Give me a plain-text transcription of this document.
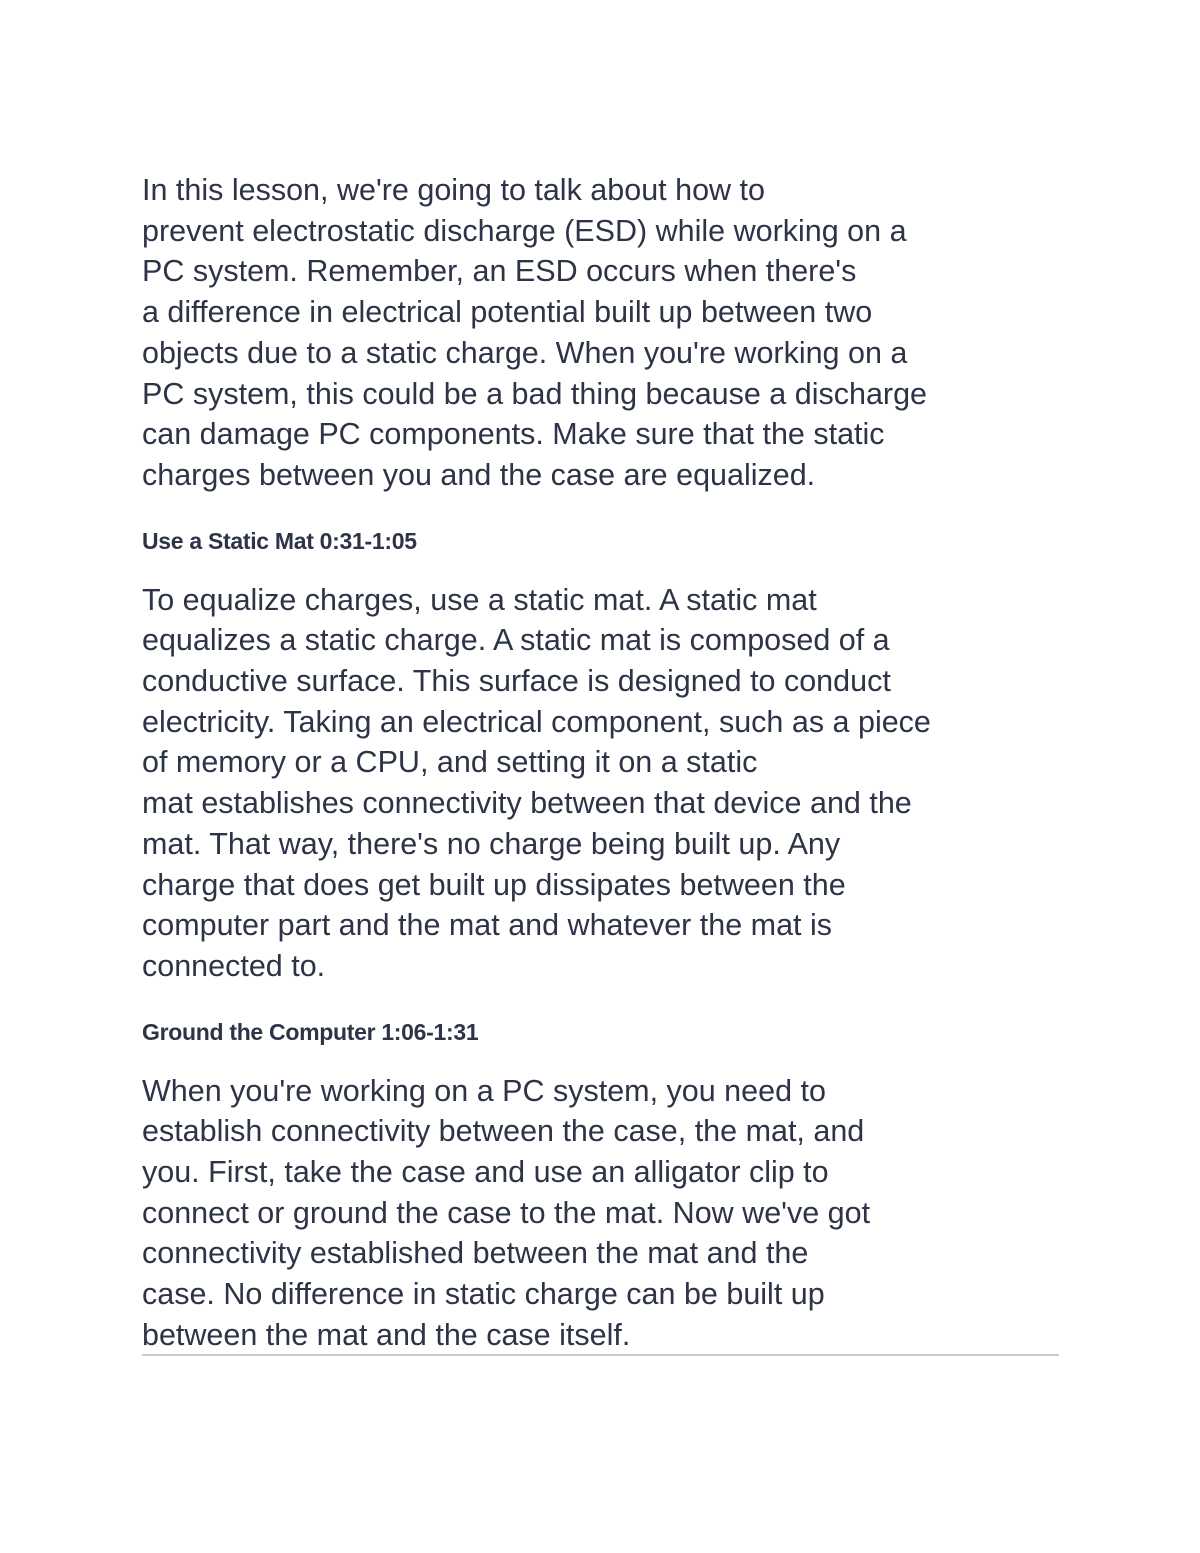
In this lesson, we're going to talk about how to
prevent electrostatic discharge (ESD) while working on a
PC system. Remember, an ESD occurs when there's
a difference in electrical potential built up between two
objects due to a static charge. When you're working on a
PC system, this could be a bad thing because a discharge
can damage PC components. Make sure that the static
charges between you and the case are equalized.

Use a Static Mat 0:31-1:05

To equalize charges, use a static mat. A static mat
equalizes a static charge. A static mat is composed of a
conductive surface. This surface is designed to conduct
electricity. Taking an electrical component, such as a piece
of memory or a CPU, and setting it on a static
mat establishes connectivity between that device and the
mat. That way, there's no charge being built up. Any
charge that does get built up dissipates between the
computer part and the mat and whatever the mat is
connected to.

Ground the Computer 1:06-1:31

When you're working on a PC system, you need to
establish connectivity between the case, the mat, and
you. First, take the case and use an alligator clip to
connect or ground the case to the mat. Now we've got
connectivity established between the mat and the
case. No difference in static charge can be built up
between the mat and the case itself.
